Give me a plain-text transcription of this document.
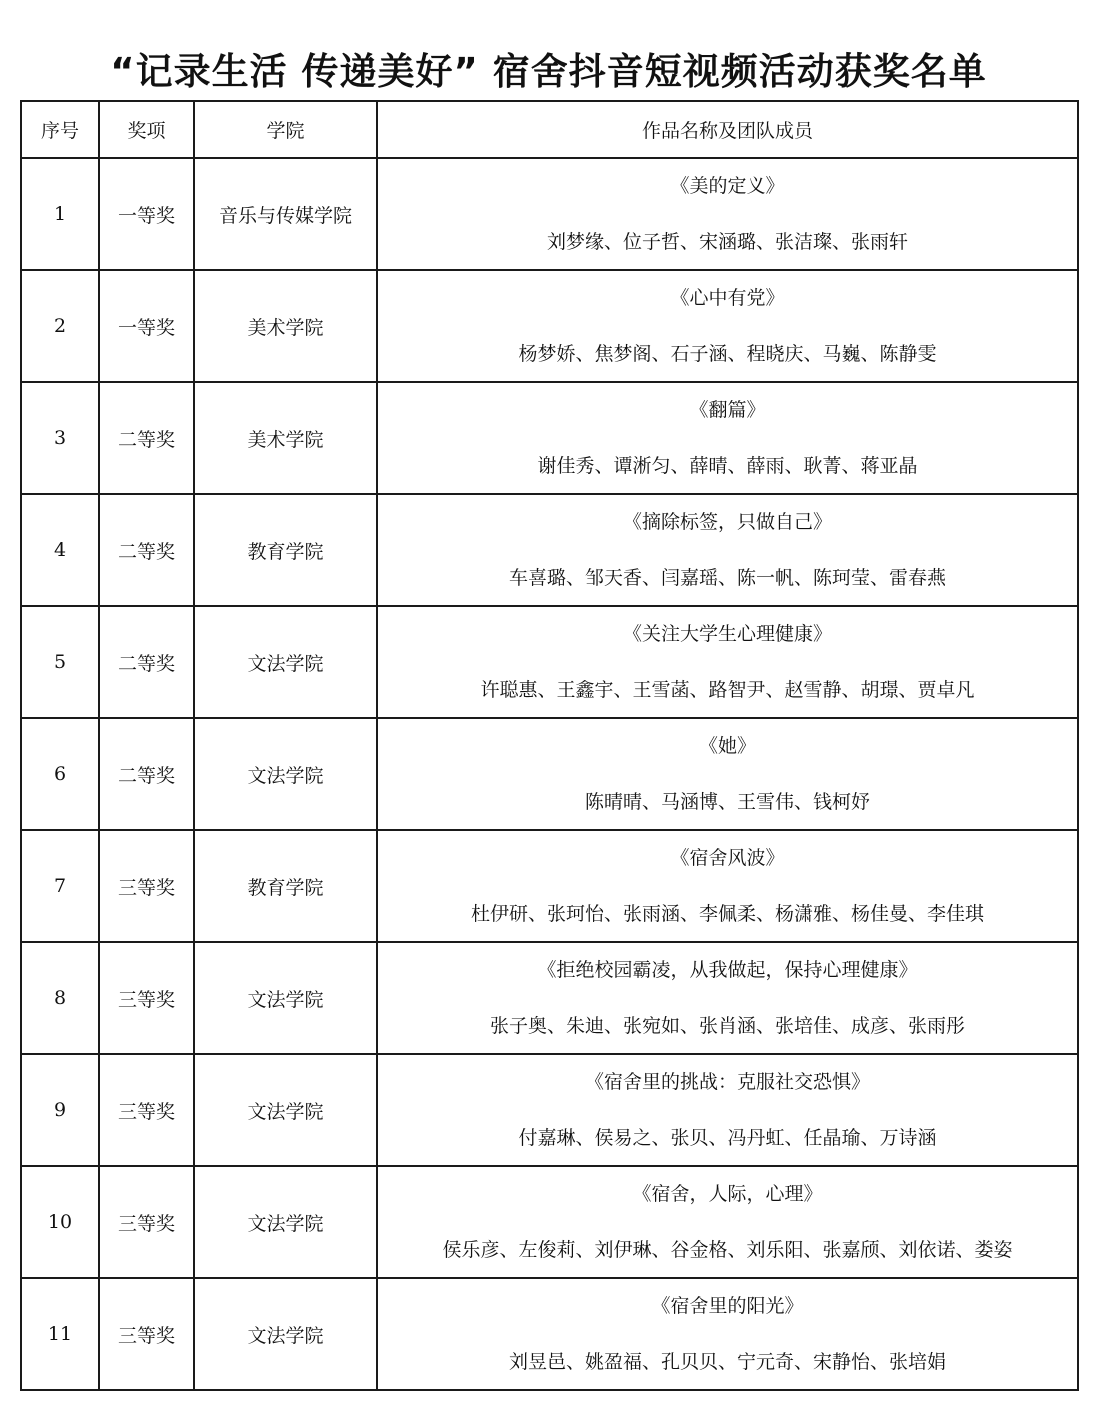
“记录生活 传递美好” 宿舍抖音短视频活动获奖名单
序号	奖项	学院	作品名称及团队成员
1	一等奖	音乐与传媒学院	《美的定义》
刘梦缘、位子哲、宋涵璐、张洁璨、张雨轩

2	一等奖	美术学院	《心中有党》
杨梦娇、焦梦阁、石子涵、程晓庆、马巍、陈静雯

3	二等奖	美术学院	《翻篇》
谢佳秀、谭淅匀、薛晴、薛雨、耿菁、蒋亚晶

4	二等奖	教育学院	《摘除标签，只做自己》
车喜璐、邹天香、闫嘉瑶、陈一帆、陈珂莹、雷春燕

5	二等奖	文法学院	《关注大学生心理健康》
许聪惠、王鑫宇、王雪菡、路智尹、赵雪静、胡璟、贾卓凡

6	二等奖	文法学院	《她》
陈晴晴、马涵博、王雪伟、钱柯妤

7	三等奖	教育学院	《宿舍风波》
杜伊研、张珂怡、张雨涵、李佩柔、杨潇雅、杨佳曼、李佳琪

8	三等奖	文法学院	《拒绝校园霸凌，从我做起，保持心理健康》
张子奥、朱迪、张宛如、张肖涵、张培佳、成彦、张雨彤

9	三等奖	文法学院	《宿舍里的挑战：克服社交恐惧》
付嘉琳、侯易之、张贝、冯丹虹、任晶瑜、万诗涵

10	三等奖	文法学院	《宿舍，人际，心理》
侯乐彦、左俊莉、刘伊琳、谷金格、刘乐阳、张嘉颀、刘依诺、娄姿

11	三等奖	文法学院	《宿舍里的阳光》
刘昱邑、姚盈福、孔贝贝、宁元奇、宋静怡、张培娟
